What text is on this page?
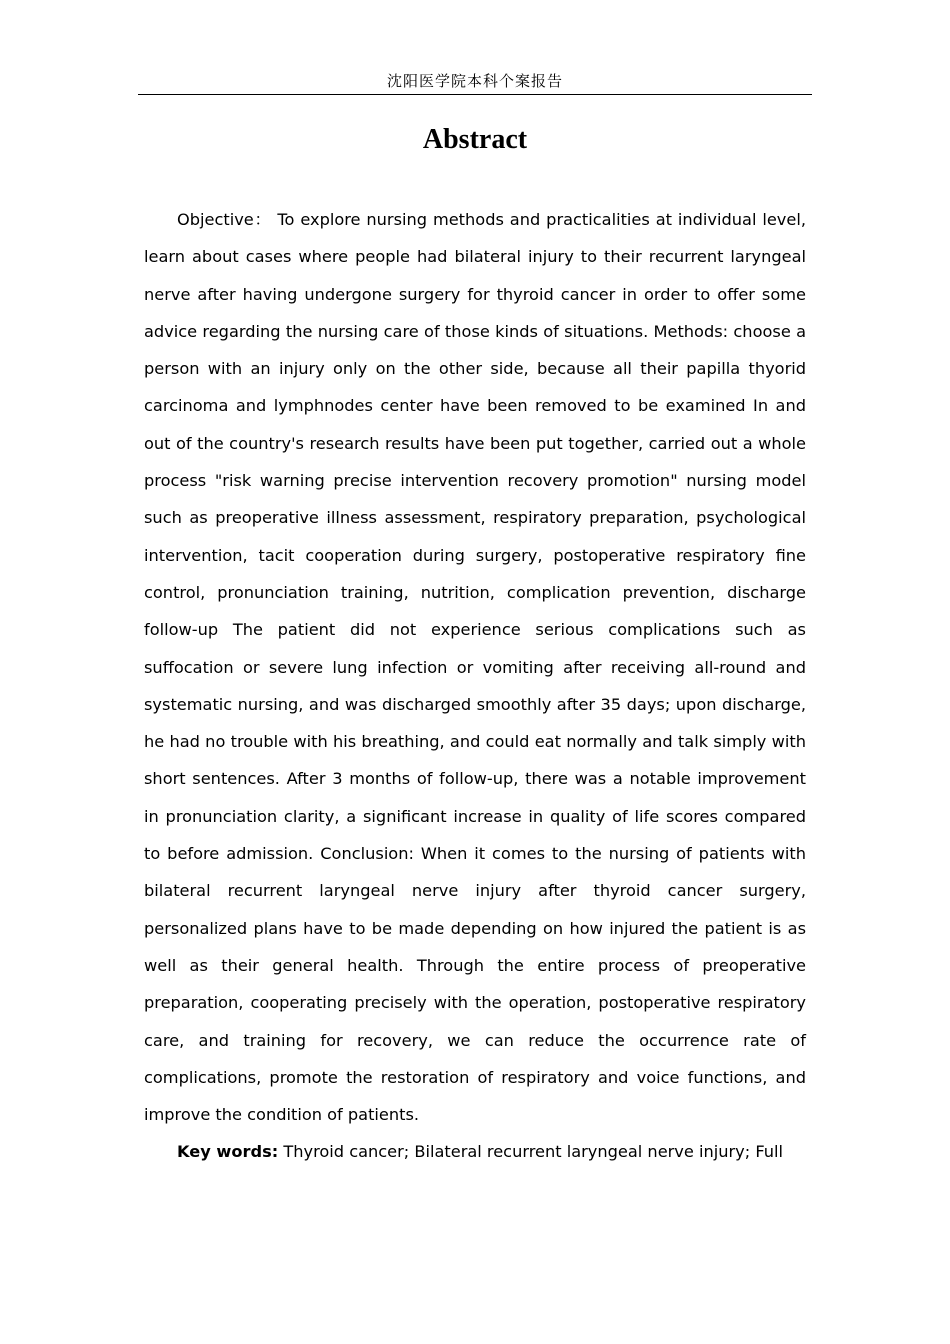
沈阳医学院本科个案报告
Abstract

Objective： To explore nursing methods and practicalities at individual level, learn about cases where people had bilateral injury to their recurrent laryngeal nerve after having undergone surgery for thyroid cancer in order to offer some advice regarding the nursing care of those kinds of situations. Methods: choose a person with an injury only on the other side, because all their papilla thyorid carcinoma and lymphnodes center have been removed to be examined In and out of the country's research results have been put together, carried out a whole process "risk warning precise intervention recovery promotion" nursing model such as preoperative illness assessment, respiratory preparation, psychological intervention, tacit cooperation during surgery, postoperative respiratory fine control, pronunciation training, nutrition, complication prevention, discharge follow-up The patient did not experience serious complications such as suffocation or severe lung infection or vomiting after receiving all-round and systematic nursing, and was discharged smoothly after 35 days; upon discharge, he had no trouble with his breathing, and could eat normally and talk simply with short sentences. After 3 months of follow-up, there was a notable improvement in pronunciation clarity, a significant increase in quality of life scores compared to before admission. Conclusion: When it comes to the nursing of patients with bilateral recurrent laryngeal nerve injury after thyroid cancer surgery, personalized plans have to be made depending on how injured the patient is as well as their general health. Through the entire process of preoperative preparation, cooperating precisely with the operation, postoperative respiratory care, and training for recovery, we can reduce the occurrence rate of complications, promote the restoration of respiratory and voice functions, and improve the condition of patients.

Key words: Thyroid cancer; Bilateral recurrent laryngeal nerve injury; Full
